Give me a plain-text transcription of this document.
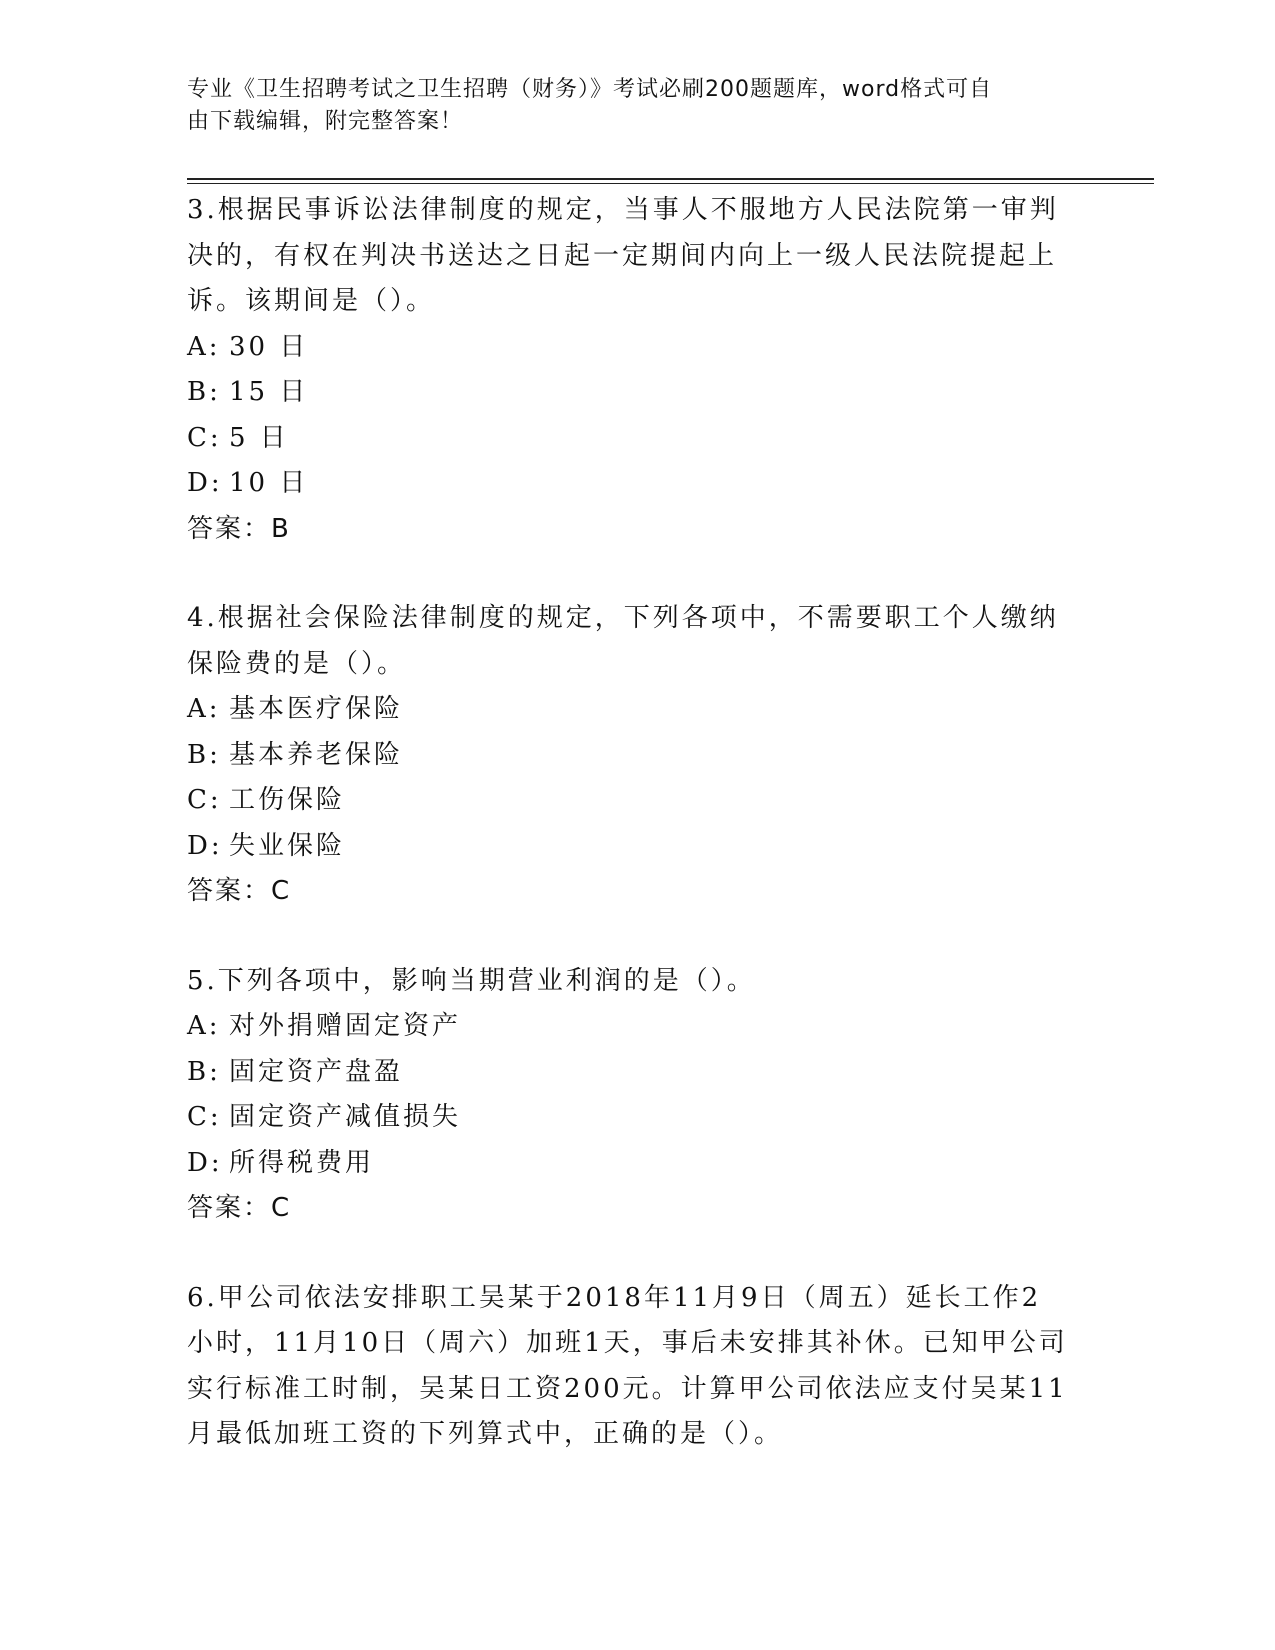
专业《卫生招聘考试之卫生招聘（财务）》考试必刷200题题库，word格式可自
由下载编辑，附完整答案！

3.根据民事诉讼法律制度的规定，当事人不服地方人民法院第一审判

决的，有权在判决书送达之日起一定期间内向上一级人民法院提起上

诉。该期间是（）。

A: 30 日

B: 15 日

C: 5 日

D: 10 日

答案：B

4.根据社会保险法律制度的规定，下列各项中，不需要职工个人缴纳

保险费的是（）。

A: 基本医疗保险

B: 基本养老保险

C: 工伤保险

D: 失业保险

答案：C

5.下列各项中，影响当期营业利润的是（）。

A: 对外捐赠固定资产

B: 固定资产盘盈

C: 固定资产减值损失

D: 所得税费用

答案：C

6.甲公司依法安排职工吴某于2018年11月9日（周五）延长工作2

小时，11月10日（周六）加班1天，事后未安排其补休。已知甲公司

实行标准工时制，吴某日工资200元。计算甲公司依法应支付吴某11

月最低加班工资的下列算式中，正确的是（）。
